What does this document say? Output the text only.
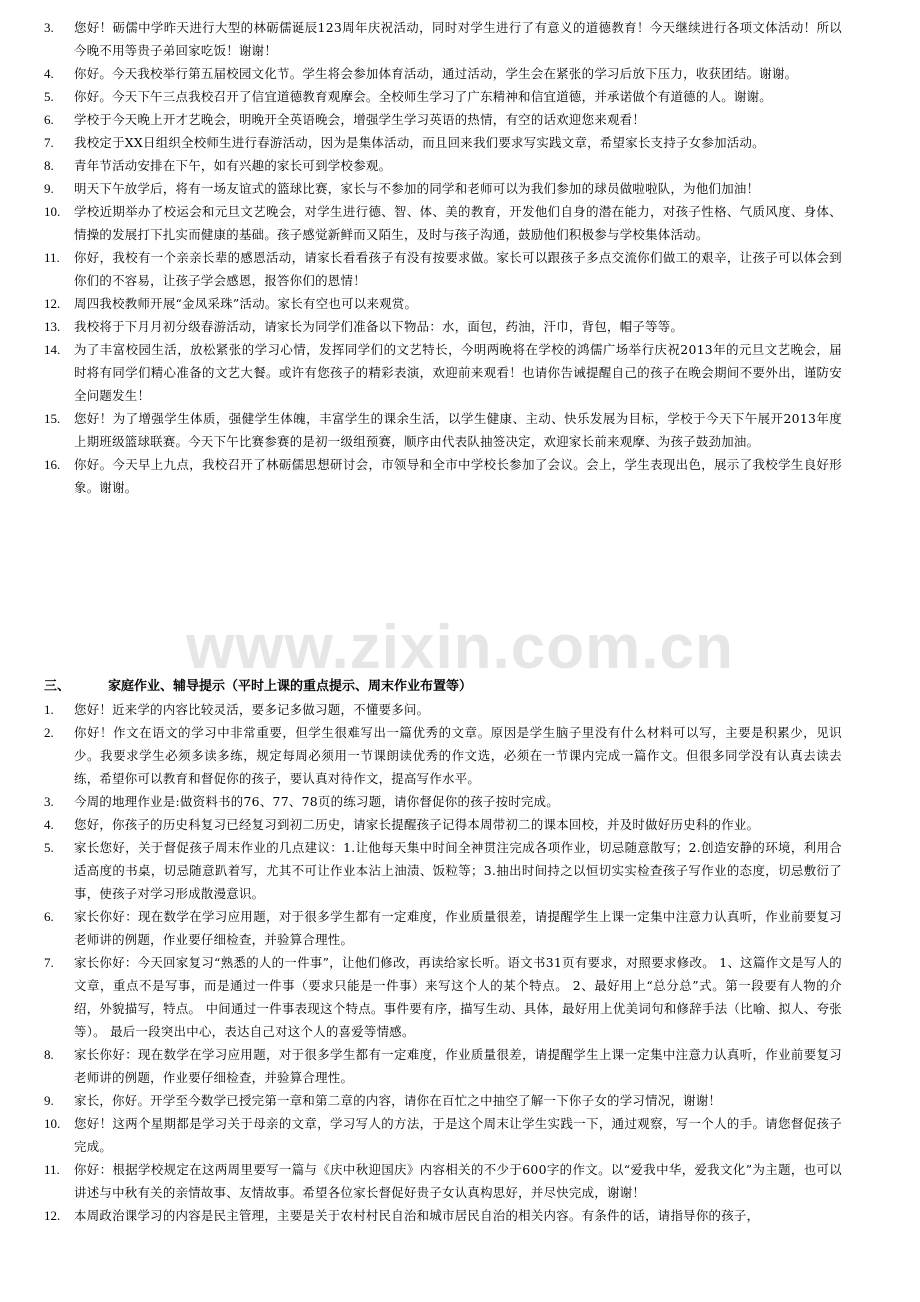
www.zixin.com.cn
3. 您好！砺儒中学昨天进行大型的林砺儒诞辰123周年庆祝活动，同时对学生进行了有意义的道德教育！今天继续进行各项文体活动！所以今晚不用等贵子弟回家吃饭！谢谢！
4. 你好。今天我校举行第五届校园文化节。学生将会参加体育活动，通过活动，学生会在紧张的学习后放下压力，收获团结。谢谢。
5. 你好。今天下午三点我校召开了信宜道德教育观摩会。全校师生学习了广东精神和信宜道德，并承诺做个有道德的人。谢谢。
6. 学校于今天晚上开才艺晚会，明晚开全英语晚会，增强学生学习英语的热情，有空的话欢迎您来观看！
7. 我校定于XX日组织全校师生进行春游活动，因为是集体活动，而且回来我们要求写实践文章，希望家长支持子女参加活动。
8. 青年节活动安排在下午，如有兴趣的家长可到学校参观。
9. 明天下午放学后，将有一场友谊式的篮球比赛，家长与不参加的同学和老师可以为我们参加的球员做啦啦队，为他们加油！
10. 学校近期举办了校运会和元旦文艺晚会，对学生进行德、智、体、美的教育，开发他们自身的潜在能力，对孩子性格、气质风度、身体、情操的发展打下扎实而健康的基础。孩子感觉新鲜而又陌生，及时与孩子沟通，鼓励他们积极参与学校集体活动。
11. 你好，我校有一个亲亲长辈的感恩活动，请家长看看孩子有没有按要求做。家长可以跟孩子多点交流你们做工的艰辛，让孩子可以体会到你们的不容易，让孩子学会感恩，报答你们的恩情！
12. 周四我校教师开展“金凤采珠”活动。家长有空也可以来观赏。
13. 我校将于下月月初分级春游活动，请家长为同学们准备以下物品：水，面包，药油，汗巾，背包，帽子等等。
14. 为了丰富校园生活，放松紧张的学习心情，发挥同学们的文艺特长，今明两晚将在学校的鸿儒广场举行庆祝2013年的元旦文艺晚会，届时将有同学们精心准备的文艺大餐。或许有您孩子的精彩表演，欢迎前来观看！也请你告诫提醒自己的孩子在晚会期间不要外出，谨防安全问题发生！
15. 您好！为了增强学生体质，强健学生体魄，丰富学生的课余生活，以学生健康、主动、快乐发展为目标，学校于今天下午展开2013年度上期班级篮球联赛。今天下午比赛参赛的是初一级组预赛，顺序由代表队抽签决定，欢迎家长前来观摩、为孩子鼓劲加油。
16. 你好。今天早上九点，我校召开了林砺儒思想研讨会，市领导和全市中学校长参加了会议。会上，学生表现出色，展示了我校学生良好形象。谢谢。
三、	家庭作业、辅导提示（平时上课的重点提示、周末作业布置等）
1. 您好！近来学的内容比较灵活，要多记多做习题，不懂要多问。
2. 你好！作文在语文的学习中非常重要，但学生很难写出一篇优秀的文章。原因是学生脑子里没有什么材料可以写，主要是积累少，见识少。我要求学生必须多读多练，规定每周必须用一节课朗读优秀的作文选，必须在一节课内完成一篇作文。但很多同学没有认真去读去练，希望你可以教育和督促你的孩子，要认真对待作文，提高写作水平。
3. 今周的地理作业是:做资料书的76、77、78页的练习题，请你督促你的孩子按时完成。
4. 您好，你孩子的历史科复习已经复习到初二历史，请家长提醒孩子记得本周带初二的课本回校，并及时做好历史科的作业。
5. 家长您好，关于督促孩子周末作业的几点建议：1.让他每天集中时间全神贯注完成各项作业，切忌随意散写；2.创造安静的环境，利用合适高度的书桌，切忌随意趴着写，尤其不可让作业本沾上油渍、饭粒等；3.抽出时间持之以恒切实实检查孩子写作业的态度，切忌敷衍了事，使孩子对学习形成散漫意识。
6. 家长你好：现在数学在学习应用题，对于很多学生都有一定难度，作业质量很差，请提醒学生上课一定集中注意力认真听，作业前要复习老师讲的例题，作业要仔细检查，并验算合理性。
7. 家长你好：今天回家复习“熟悉的人的一件事”，让他们修改，再读给家长听。语文书31页有要求，对照要求修改。 1、这篇作文是写人的文章，重点不是写事，而是通过一件事（要求只能是一件事）来写这个人的某个特点。 2、最好用上“总分总”式。第一段要有人物的介绍，外貌描写，特点。 中间通过一件事表现这个特点。事件要有序，描写生动、具体，最好用上优美词句和修辞手法（比喻、拟人、夸张等）。 最后一段突出中心，表达自己对这个人的喜爱等情感。
8. 家长你好：现在数学在学习应用题，对于很多学生都有一定难度，作业质量很差，请提醒学生上课一定集中注意力认真听，作业前要复习老师讲的例题，作业要仔细检查，并验算合理性。
9. 家长，你好。开学至今数学已授完第一章和第二章的内容，请你在百忙之中抽空了解一下你子女的学习情况，谢谢！
10. 您好！这两个星期都是学习关于母亲的文章，学习写人的方法，于是这个周末让学生实践一下，通过观察，写一个人的手。请您督促孩子完成。
11. 你好：根据学校规定在这两周里要写一篇与《庆中秋迎国庆》内容相关的不少于600字的作文。以“爱我中华，爱我文化”为主题，也可以讲述与中秋有关的亲情故事、友情故事。希望各位家长督促好贵子女认真构思好，并尽快完成，谢谢！
12. 本周政治课学习的内容是民主管理，主要是关于农村村民自治和城市居民自治的相关内容。有条件的话，请指导你的孩子，
